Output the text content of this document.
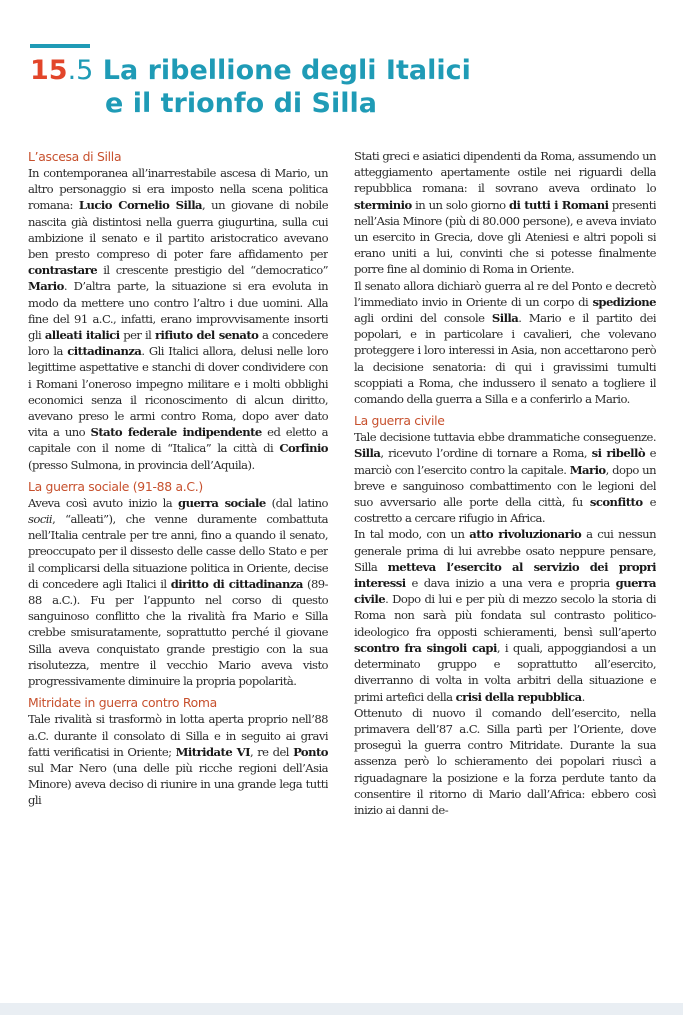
15.5 La ribellione degli Italici
e il trionfo di Silla
L’ascesa di Silla

In contemporanea all’inarrestabile ascesa di Mario, un altro personaggio si era imposto nella scena politica romana: Lucio Cornelio Silla, un giovane di nobile nascita già distintosi nella guerra giugurtina, sulla cui ambizione il senato e il partito aristocratico avevano ben presto compreso di poter fare affidamento per contrastare il crescente prestigio del “democratico” Mario. D’altra parte, la situazione si era evoluta in modo da mettere uno contro l’altro i due uomini. Alla fine del 91 a.C., infatti, erano improvvisamente insorti gli alleati italici per il rifiuto del senato a concedere loro la cittadinanza. Gli Italici allora, delusi nelle loro legittime aspettative e stanchi di dover condividere con i Romani l’oneroso impegno militare e i molti obblighi economici senza il riconoscimento di alcun diritto, avevano preso le armi contro Roma, dopo aver dato vita a uno Stato federale indipendente ed eletto a capitale con il nome di “Italica” la città di Corfinio (presso Sulmona, in provincia dell’Aquila).

La guerra sociale (91-88 a.C.)

Aveva così avuto inizio la guerra sociale (dal latino socii, “alleati”), che venne duramente combattuta nell’Italia centrale per tre anni, fino a quando il senato, preoccupato per il dissesto delle casse dello Stato e per il complicarsi della situazione politica in Oriente, decise di concedere agli Italici il diritto di cittadinanza (89-88 a.C.). Fu per l’appunto nel corso di questo sanguinoso conflitto che la rivalità fra Mario e Silla crebbe smisuratamente, soprattutto perché il giovane Silla aveva conquistato grande prestigio con la sua risolutezza, mentre il vecchio Mario aveva visto progressivamente diminuire la propria popolarità.

Mitridate in guerra contro Roma

Tale rivalità si trasformò in lotta aperta proprio nell’88 a.C. durante il consolato di Silla e in seguito ai gravi fatti verificatisi in Oriente; Mitridate VI, re del Ponto sul Mar Nero (una delle più ricche regioni dell’Asia Minore) aveva deciso di riunire in una grande lega tutti gli

Stati greci e asiatici dipendenti da Roma, assumendo un atteggiamento apertamente ostile nei riguardi della repubblica romana: il sovrano aveva ordinato lo sterminio in un solo giorno di tutti i Romani presenti nell’Asia Minore (più di 80.000 persone), e aveva inviato un esercito in Grecia, dove gli Ateniesi e altri popoli si erano uniti a lui, convinti che si potesse finalmente porre fine al dominio di Roma in Oriente.

Il senato allora dichiarò guerra al re del Ponto e decretò l’immediato invio in Oriente di un corpo di spedizione agli ordini del console Silla. Mario e il partito dei popolari, e in particolare i cavalieri, che volevano proteggere i loro interessi in Asia, non accettarono però la decisione senatoria: di qui i gravissimi tumulti scoppiati a Roma, che indussero il senato a togliere il comando della guerra a Silla e a conferirlo a Mario.

La guerra civile

Tale decisione tuttavia ebbe drammatiche conseguenze. Silla, ricevuto l’ordine di tornare a Roma, si ribellò e marciò con l’esercito contro la capitale. Mario, dopo un breve e sanguinoso combattimento con le legioni del suo avversario alle porte della città, fu sconfitto e costretto a cercare rifugio in Africa.

In tal modo, con un atto rivoluzionario a cui nessun generale prima di lui avrebbe osato neppure pensare, Silla metteva l’esercito al servizio dei propri interessi e dava inizio a una vera e propria guerra civile. Dopo di lui e per più di mezzo secolo la storia di Roma non sarà più fondata sul contrasto politico-ideologico fra opposti schieramenti, bensì sull’aperto scontro fra singoli capi, i quali, appoggiandosi a un determinato gruppo e soprattutto all’esercito, diverranno di volta in volta arbitri della situazione e primi artefici della crisi della repubblica.

Ottenuto di nuovo il comando dell’esercito, nella primavera dell’87 a.C. Silla partì per l’Oriente, dove proseguì la guerra contro Mitridate. Durante la sua assenza però lo schieramento dei popolari riuscì a riguadagnare la posizione e la forza perdute tanto da consentire il ritorno di Mario dall’Africa: ebbero così inizio ai danni de-
